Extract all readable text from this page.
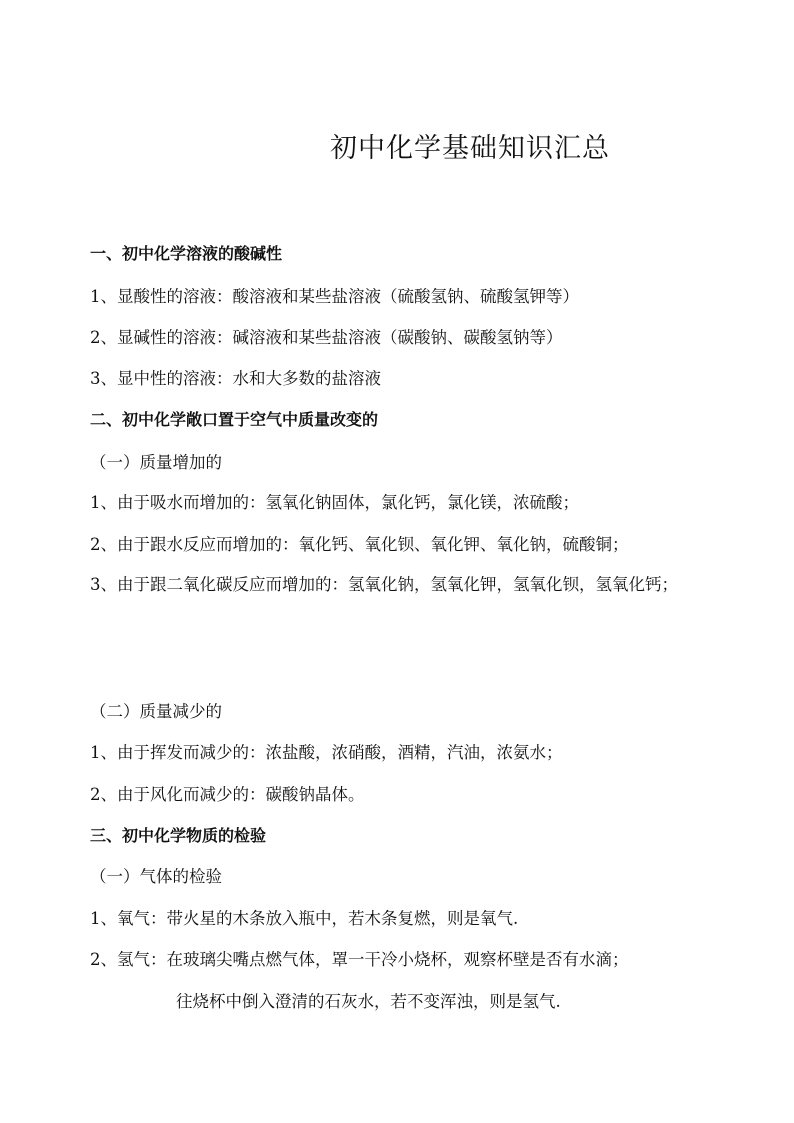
初中化学基础知识汇总
一、初中化学溶液的酸碱性
1、显酸性的溶液：酸溶液和某些盐溶液（硫酸氢钠、硫酸氢钾等）
2、显碱性的溶液：碱溶液和某些盐溶液（碳酸钠、碳酸氢钠等）
3、显中性的溶液：水和大多数的盐溶液
二、初中化学敞口置于空气中质量改变的
（一）质量增加的
1、由于吸水而增加的：氢氧化钠固体，氯化钙，氯化镁，浓硫酸；
2、由于跟水反应而增加的：氧化钙、氧化钡、氧化钾、氧化钠，硫酸铜；
3、由于跟二氧化碳反应而增加的：氢氧化钠，氢氧化钾，氢氧化钡，氢氧化钙；
（二）质量减少的
1、由于挥发而减少的：浓盐酸，浓硝酸，酒精，汽油，浓氨水；
2、由于风化而减少的：碳酸钠晶体。
三、初中化学物质的检验
（一）气体的检验
1、氧气：带火星的木条放入瓶中，若木条复燃，则是氧气.
2、氢气：在玻璃尖嘴点燃气体，罩一干冷小烧杯，观察杯壁是否有水滴；
往烧杯中倒入澄清的石灰水，若不变浑浊，则是氢气.
